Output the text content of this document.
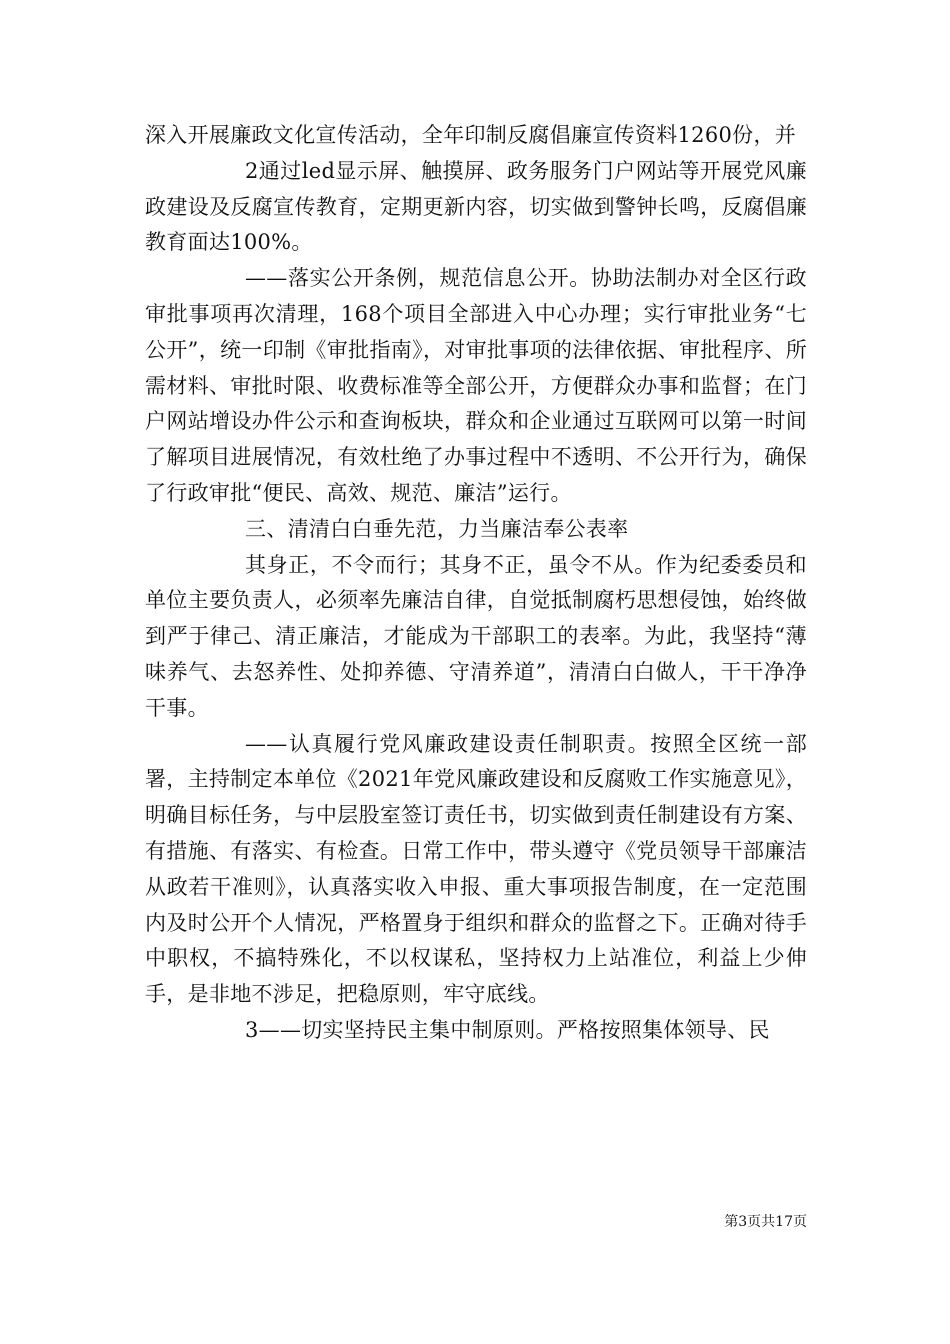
深入开展廉政文化宣传活动，全年印制反腐倡廉宣传资料1260份，并

2通过led显示屏、触摸屏、政务服务门户网站等开展党风廉政建设及反腐宣传教育，定期更新内容，切实做到警钟长鸣，反腐倡廉教育面达100%。

——落实公开条例，规范信息公开。协助法制办对全区行政审批事项再次清理，168个项目全部进入中心办理；实行审批业务“七公开”，统一印制《审批指南》，对审批事项的法律依据、审批程序、所需材料、审批时限、收费标准等全部公开，方便群众办事和监督；在门户网站增设办件公示和查询板块，群众和企业通过互联网可以第一时间了解项目进展情况，有效杜绝了办事过程中不透明、不公开行为，确保了行政审批“便民、高效、规范、廉洁”运行。

三、清清白白垂先范，力当廉洁奉公表率

其身正，不令而行；其身不正，虽令不从。作为纪委委员和单位主要负责人，必须率先廉洁自律，自觉抵制腐朽思想侵蚀，始终做到严于律己、清正廉洁，才能成为干部职工的表率。为此，我坚持“薄味养气、去怒养性、处抑养德、守清养道”，清清白白做人，干干净净干事。

——认真履行党风廉政建设责任制职责。按照全区统一部署，主持制定本单位《2021年党风廉政建设和反腐败工作实施意见》，明确目标任务，与中层股室签订责任书，切实做到责任制建设有方案、有措施、有落实、有检查。日常工作中，带头遵守《党员领导干部廉洁从政若干准则》，认真落实收入申报、重大事项报告制度，在一定范围内及时公开个人情况，严格置身于组织和群众的监督之下。正确对待手中职权，不搞特殊化，不以权谋私，坚持权力上站准位，利益上少伸手，是非地不涉足，把稳原则，牢守底线。

3——切实坚持民主集中制原则。严格按照集体领导、民

第3页共17页
